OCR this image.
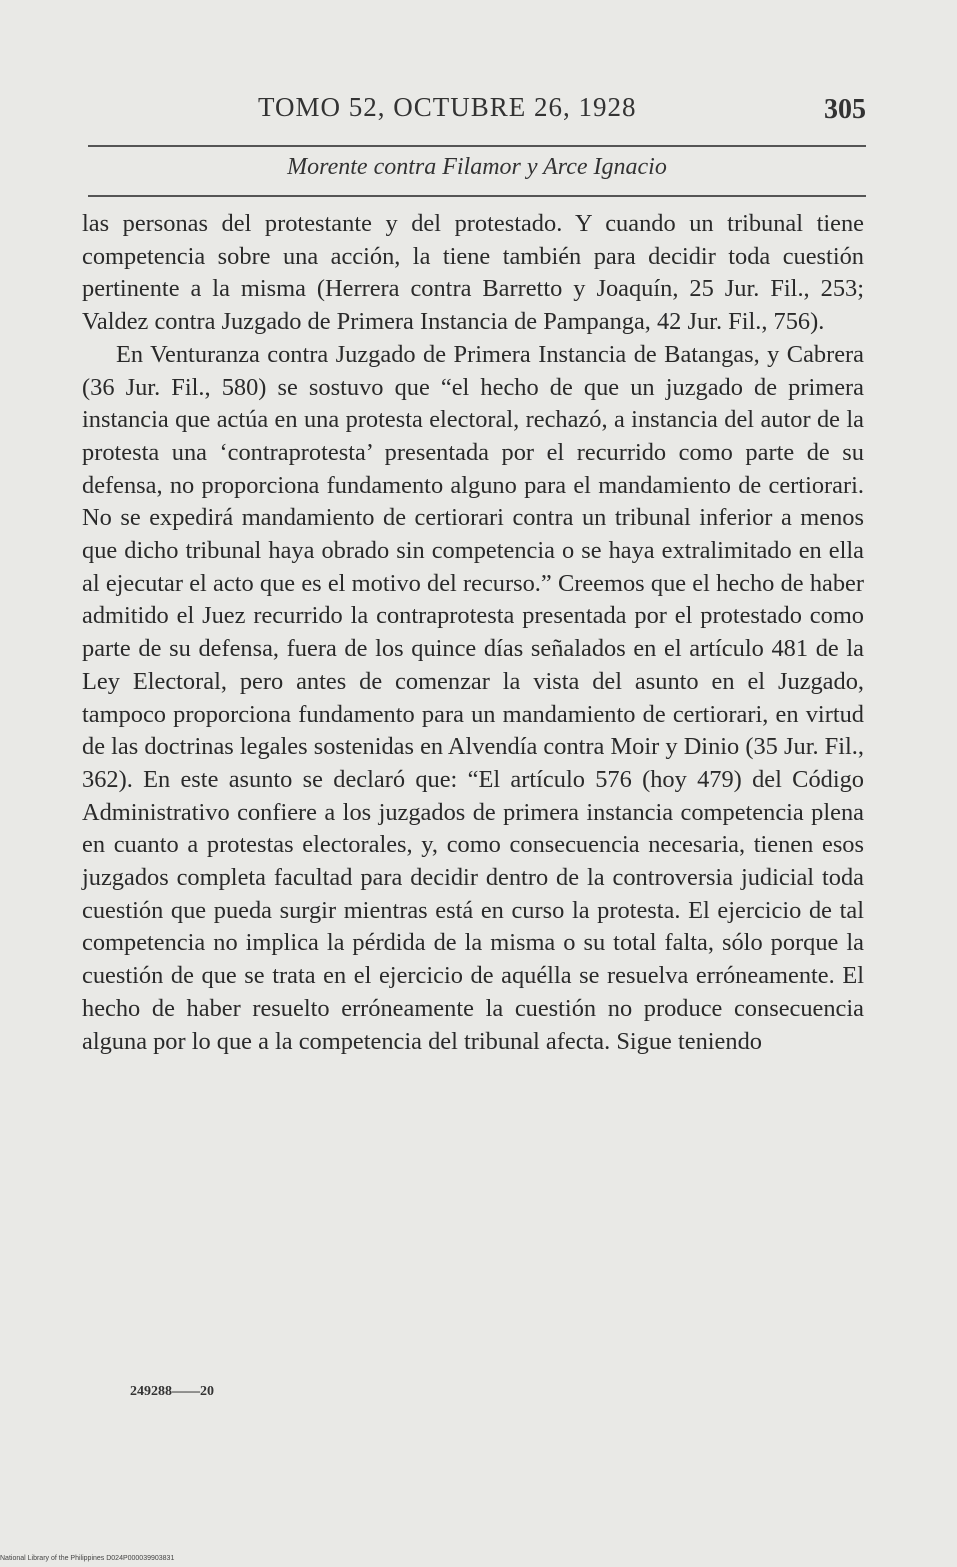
TOMO 52, OCTUBRE 26, 1928	305
Morente contra Filamor y Arce Ignacio

las personas del protestante y del protestado. Y cuando un tribunal tiene competencia sobre una acción, la tiene también para decidir toda cuestión pertinente a la misma (Herrera contra Barretto y Joaquín, 25 Jur. Fil., 253; Valdez contra Juzgado de Primera Instancia de Pampanga, 42 Jur. Fil., 756).

En Venturanza contra Juzgado de Primera Instancia de Batangas, y Cabrera (36 Jur. Fil., 580) se sostuvo que “el hecho de que un juzgado de primera instancia que actúa en una protesta electoral, rechazó, a instancia del autor de la protesta una ‘contraprotesta’ presentada por el recurrido como parte de su defensa, no proporciona fundamento alguno para el mandamiento de certiorari. No se expedirá mandamiento de certiorari contra un tribunal inferior a menos que dicho tribunal haya obrado sin competencia o se haya extralimitado en ella al ejecutar el acto que es el motivo del recurso.” Creemos que el hecho de haber admitido el Juez recurrido la contraprotesta presentada por el protestado como parte de su defensa, fuera de los quince días señalados en el artículo 481 de la Ley Electoral, pero antes de comenzar la vista del asunto en el Juzgado, tampoco proporciona fundamento para un mandamiento de certiorari, en virtud de las doctrinas legales sostenidas en Alvendía contra Moir y Dinio (35 Jur. Fil., 362). En este asunto se declaró que: “El artículo 576 (hoy 479) del Código Administrativo confiere a los juzgados de primera instancia competencia plena en cuanto a protestas electorales, y, como consecuencia necesaria, tienen esos juzgados completa facultad para decidir dentro de la controversia judicial toda cuestión que pueda surgir mientras está en curso la protesta. El ejercicio de tal competencia no implica la pérdida de la misma o su total falta, sólo porque la cuestión de que se trata en el ejercicio de aquélla se resuelva erróneamente. El hecho de haber resuelto erróneamente la cuestión no produce consecuencia alguna por lo que a la competencia del tribunal afecta. Sigue teniendo

249288——20
National Library of the Philippines D024P000039903831
